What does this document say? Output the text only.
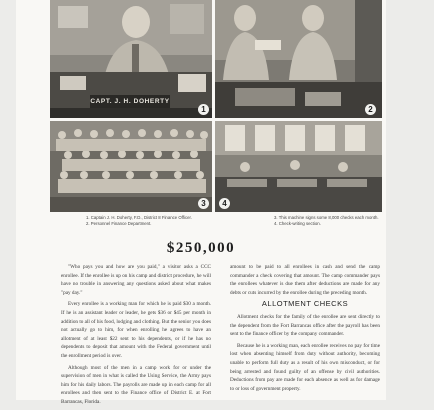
CAPT. J. H. DOHERTY
1	2
3	4
1. Captain J. H. Doherty, F.D., District 8 Finance Officer.
2. Personnel Finance Department.
3. This machine signs some 8,000 checks each month.
4. Check-writing section.
$250,000

"Who pays you and how are you paid," a visitor asks a CCC enrollee. If the enrollee is up on his camp and district procedure, he will have no trouble in answering any questions asked about what makes "pay day."

Every enrollee is a working man for which he is paid $30 a month. If he is an assistant leader or leader, he gets $36 or $45 per month in addition to all of his food, lodging and clothing. But the senior you does not actually go to him, for when enrolling he agrees to have an allotment of at least $22 sent to his dependents, or if he has no dependents to deposit that amount with the Federal government until the enrollment period is over.

Although most of the men in a camp work for or under the supervision of men in what is called the Using Service, the Army pays him for his daily labors. The payrolls are made up in each camp for all enrollees and then sent to the Finance office of District E. at Fort Barrancas, Florida.

amount to be paid to all enrollees in cash and send the camp commander a check covering that amount. The camp commander pays the enrollees whatever is due them after deductions are made for any debts or cuts incurred by the enrollee during the preceding month.

ALLOTMENT CHECKS

Allotment checks for the family of the enrollee are sent directly to the dependent from the Fort Barrancas office after the payroll has been sent to the finance officer by the company commander.

Because he is a working man, each enrollee receives no pay for time lost when absenting himself from duty without authority, becoming unable to perform full duty as a result of his own misconduct, or for being arrested and found guilty of an offense by civil authorities. Deductions from pay are made for each absence as well as for damage to or loss of government property.
